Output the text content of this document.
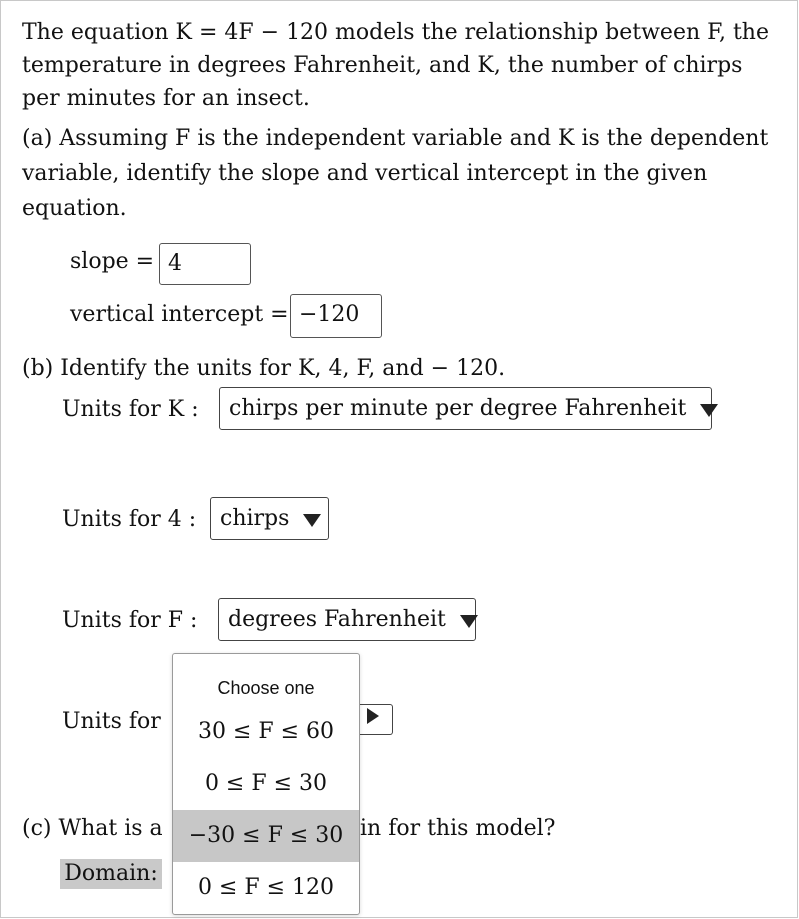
The equation K = 4F − 120 models the relationship between F, the temperature in degrees Fahrenheit, and K, the number of chirps per minutes for an insect.
(a) Assuming F is the independent variable and K is the dependent variable, identify the slope and vertical intercept in the given equation.
slope = 4
vertical intercept = −120
(b) Identify the units for K, 4, F, and − 120.
Units for K : chirps per minute per degree Fahrenheit
Units for 4 : chirps
Units for F : degrees Fahrenheit
Units for
(c) What is a	in for this model?
Domain:
Choose one
30 ≤ F ≤ 60
0 ≤ F ≤ 30
−30 ≤ F ≤ 30
0 ≤ F ≤ 120
